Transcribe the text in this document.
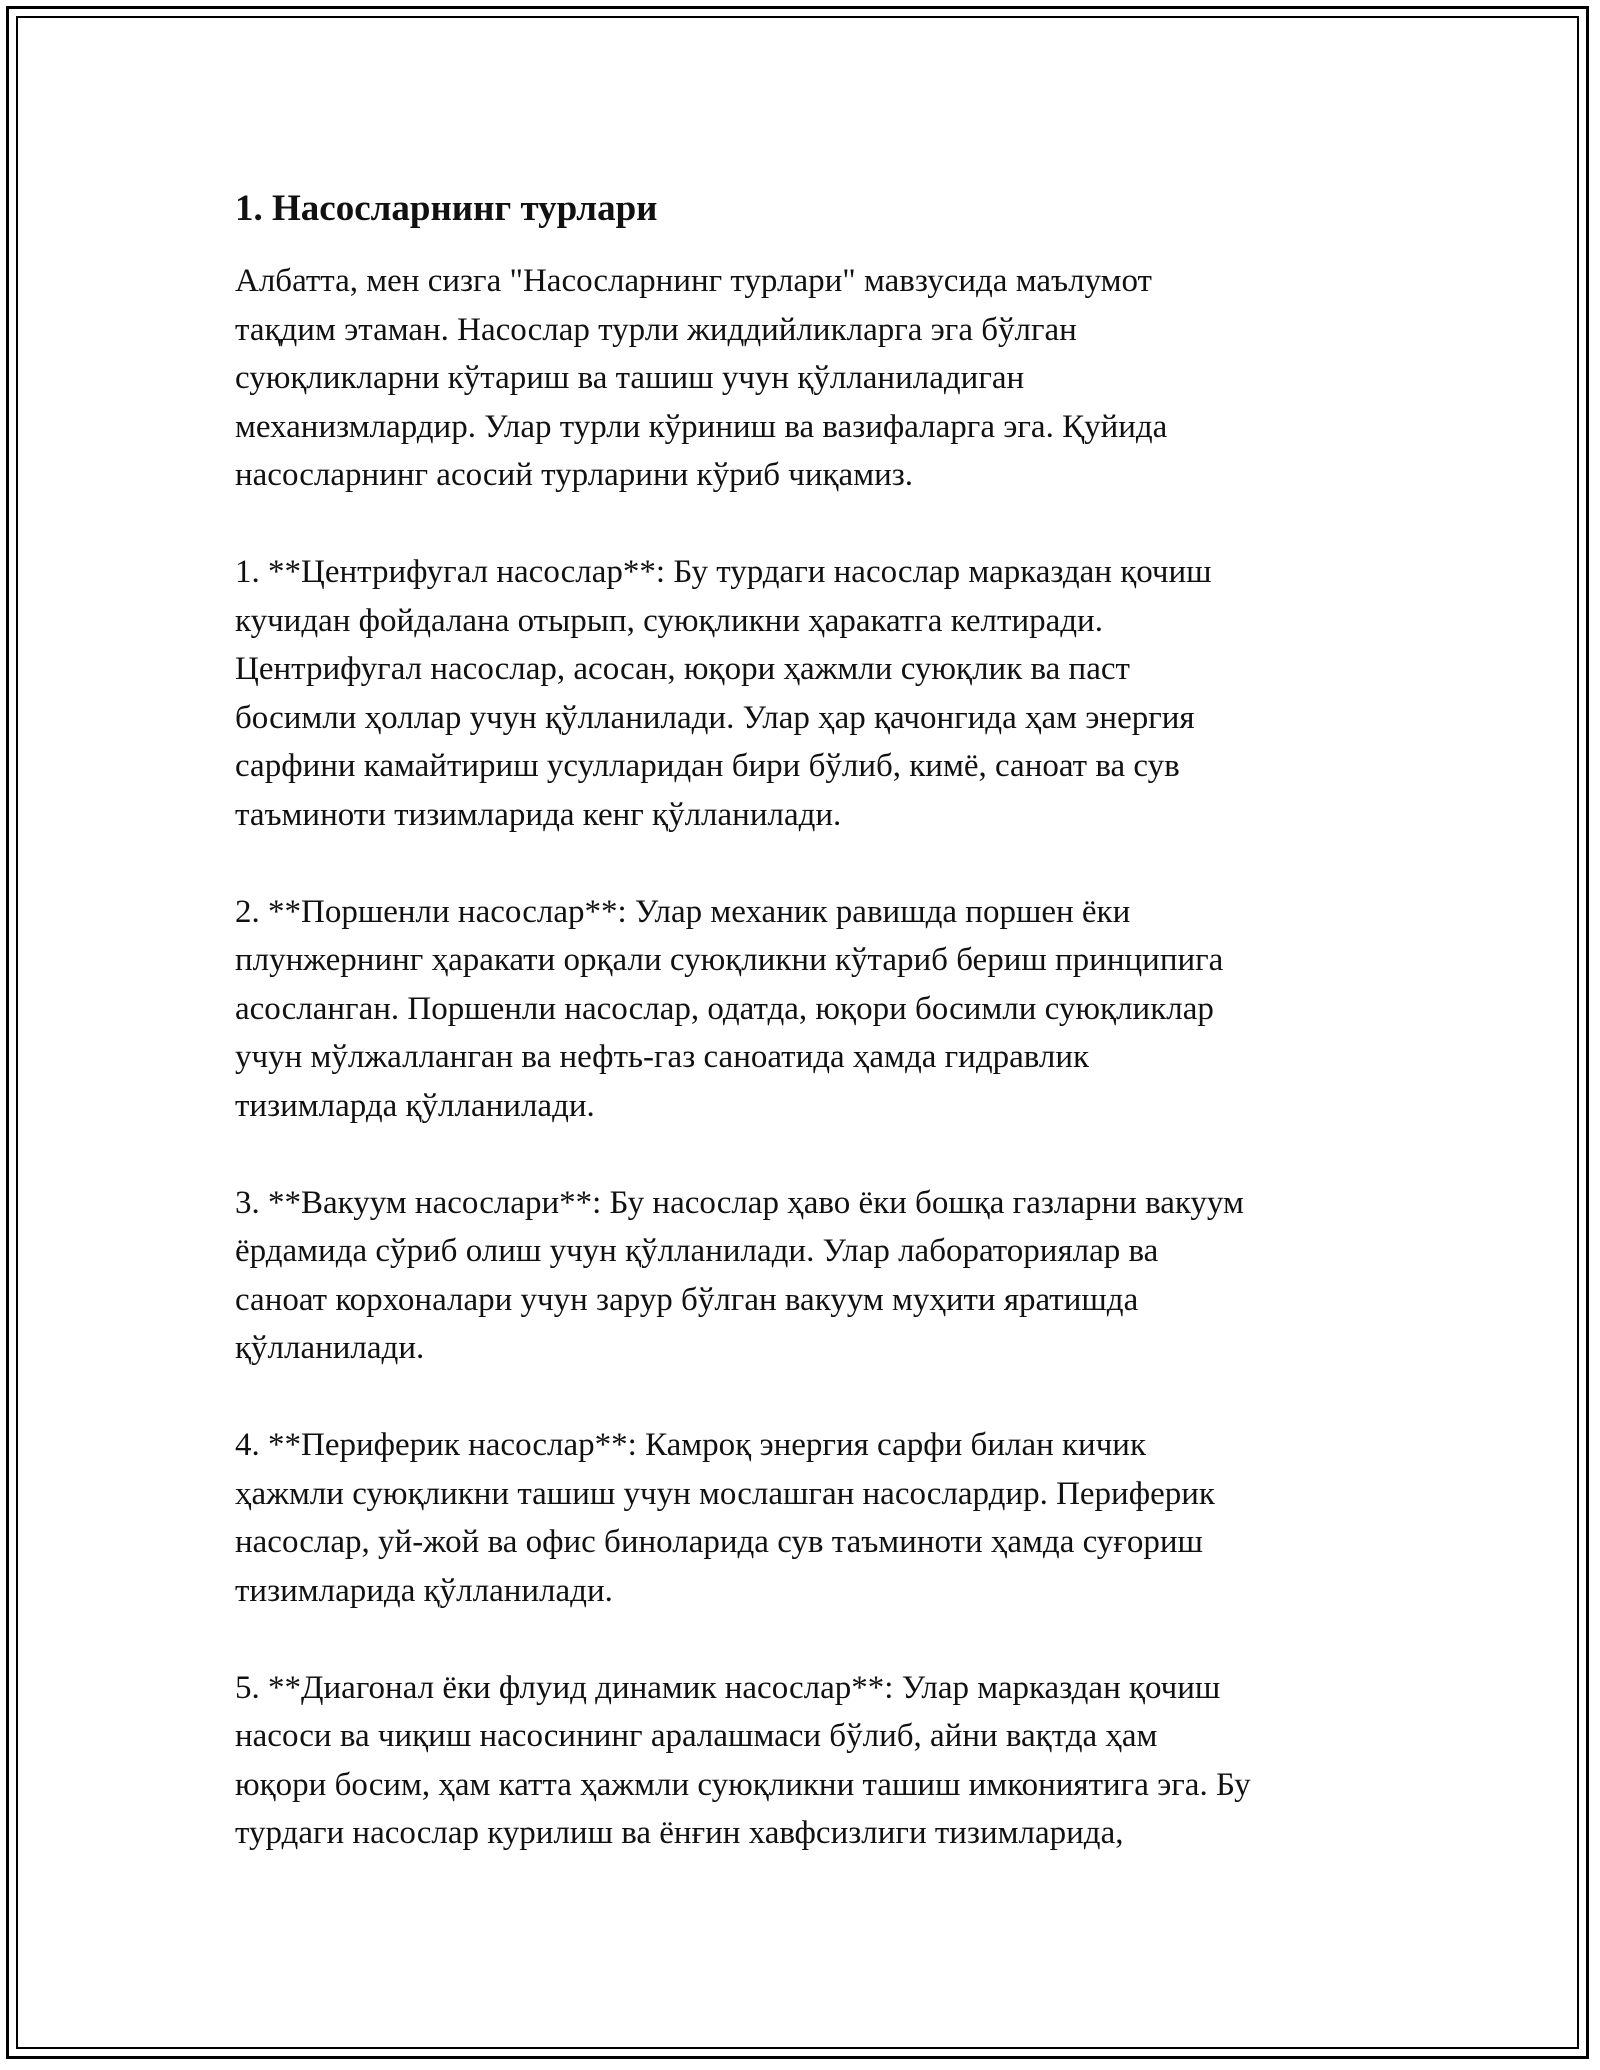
1. Насосларнинг турлари

Албатта, мен сизга "Насосларнинг турлари" мавзусида маълумот
тақдим этаман. Насослар турли жиддийликларга эга бўлган
суюқликларни кўтариш ва ташиш учун қўлланиладиган
механизмлардир. Улар турли кўриниш ва вазифаларга эга. Қуйида
насосларнинг асосий турларини кўриб чиқамиз.

1. **Центрифугал насослар**: Бу турдаги насослар марказдан қочиш
кучидан фойдалана отырып, суюқликни ҳаракатга келтиради.
Центрифугал насослар, асосан, юқори ҳажмли суюқлик ва паст
босимли ҳоллар учун қўлланилади. Улар ҳар қачонгида ҳам энергия
сарфини камайтириш усулларидан бири бўлиб, кимё, саноат ва сув
таъминоти тизимларида кенг қўлланилади.

2. **Поршенли насослар**: Улар механик равишда поршен ёки
плунжернинг ҳаракати орқали суюқликни кўтариб бериш принципига
асосланган. Поршенли насослар, одатда, юқори босимли суюқликлар
учун мўлжалланган ва нефть-газ саноатида ҳамда гидравлик
тизимларда қўлланилади.

3. **Вакуум насослари**: Бу насослар ҳаво ёки бошқа газларни вакуум
ёрдамида сўриб олиш учун қўлланилади. Улар лабораториялар ва
саноат корхоналари учун зарур бўлган вакуум муҳити яратишда
қўлланилади.

4. **Периферик насослар**: Камроқ энергия сарфи билан кичик
ҳажмли суюқликни ташиш учун мослашган насослардир. Периферик
насослар, уй-жой ва офис биноларида сув таъминоти ҳамда суғориш
тизимларида қўлланилади.

5. **Диагонал ёки флуид динамик насослар**: Улар марказдан қочиш
насоси ва чиқиш насосининг аралашмаси бўлиб, айни вақтда ҳам
юқори босим, ҳам катта ҳажмли суюқликни ташиш имкониятига эга. Бу
турдаги насослар курилиш ва ёнғин хавфсизлиги тизимларида,
